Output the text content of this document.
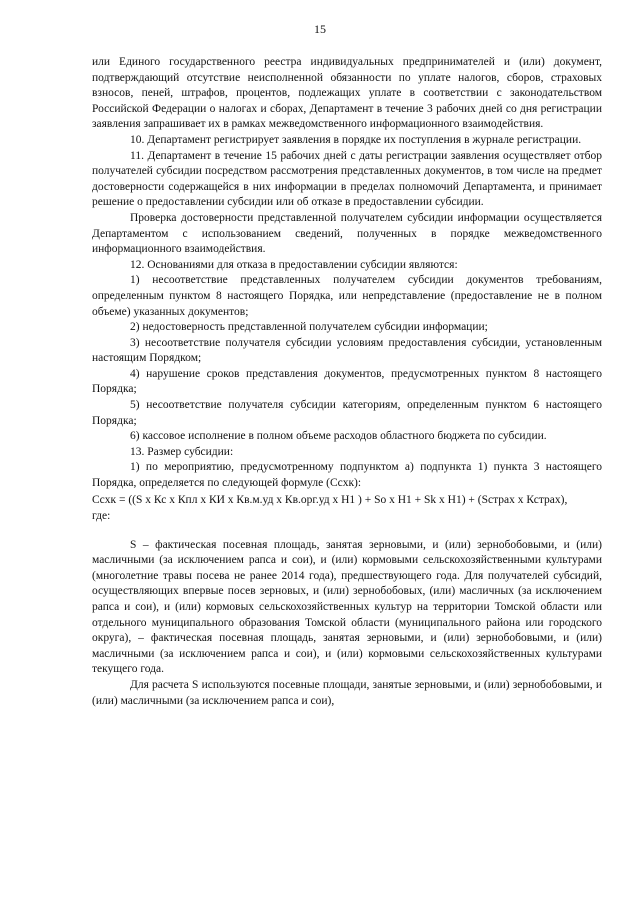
15

или Единого государственного реестра индивидуальных предпринимателей и (или) документ, подтверждающий отсутствие неисполненной обязанности по уплате налогов, сборов, страховых взносов, пеней, штрафов, процентов, подлежащих уплате в соответствии с законодательством Российской Федерации о налогах и сборах, Департамент в течение 3 рабочих дней со дня регистрации заявления запрашивает их в рамках межведомственного информационного взаимодействия.

10. Департамент регистрирует заявления в порядке их поступления в журнале регистрации.

11. Департамент в течение 15 рабочих дней с даты регистрации заявления осуществляет отбор получателей субсидии посредством рассмотрения представленных документов, в том числе на предмет достоверности содержащейся в них информации в пределах полномочий Департамента, и принимает решение о предоставлении субсидии или об отказе в предоставлении субсидии.

Проверка достоверности представленной получателем субсидии информации осуществляется Департаментом с использованием сведений, полученных в порядке межведомственного информационного взаимодействия.

12. Основаниями для отказа в предоставлении субсидии являются:

1) несоответствие представленных получателем субсидии документов требованиям, определенным пунктом 8 настоящего Порядка, или непредставление (предоставление не в полном объеме) указанных документов;

2) недостоверность представленной получателем субсидии информации;

3) несоответствие получателя субсидии условиям предоставления субсидии, установленным настоящим Порядком;

4) нарушение сроков представления документов, предусмотренных пунктом 8 настоящего Порядка;

5) несоответствие получателя субсидии категориям, определенным пунктом 6 настоящего Порядка;

6) кассовое исполнение в полном объеме расходов областного бюджета по субсидии.

13. Размер субсидии:

1) по мероприятию, предусмотренному подпунктом а) подпункта 1) пункта 3 настоящего Порядка, определяется по следующей формуле (Сcхк):

Сcхк = ((S x Кс x Кпл x КИ x Кв.м.уд x Кв.орг.уд x Н1 ) + Sо x Н1 + Sk x Н1) + (Sстрах x Кстрах),

где:

S – фактическая посевная площадь, занятая зерновыми, и (или) зернобобовыми, и (или) масличными (за исключением рапса и сои), и (или) кормовыми сельскохозяйственными культурами (многолетние травы посева не ранее 2014 года), предшествующего года. Для получателей субсидий, осуществляющих впервые посев зерновых, и (или) зернобобовых, (или) масличных (за исключением рапса и сои), и (или) кормовых сельскохозяйственных культур на территории Томской области или отдельного муниципального образования Томской области (муниципального района или городского округа), – фактическая посевная площадь, занятая зерновыми, и (или) зернобобовыми, и (или) масличными (за исключением рапса и сои), и (или) кормовыми сельскохозяйственных культурами текущего года.

Для расчета S используются посевные площади, занятые зерновыми, и (или) зернобобовыми, и (или) масличными (за исключением рапса и сои),
